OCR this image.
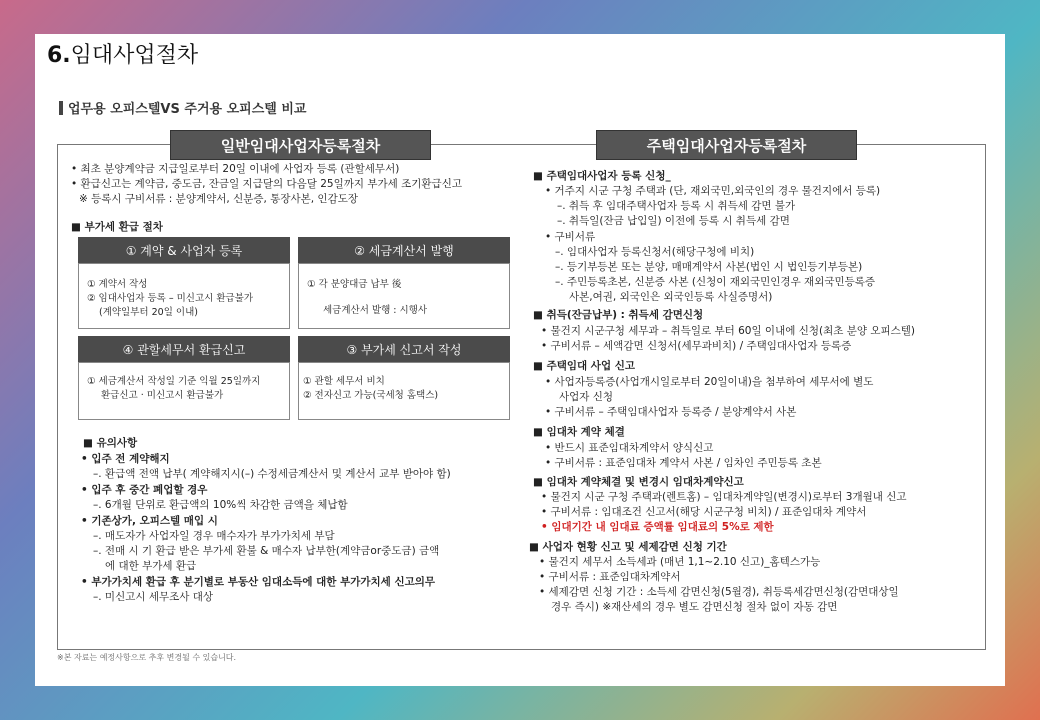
6.임대사업절차
업무용 오피스텔VS 주거용 오피스텔 비교
일반임대사업자등록절차	주택임대사업자등록절차
• 최초 분양계약금 지급일로부터 20일 이내에 사업자 등록 (관할세무서)
• 환급신고는 계약금, 중도금, 잔금일 지급달의 다음달 25일까지 부가세 조기환급신고
※ 등록시 구비서류 : 분양계약서, 신분증, 통장사본, 인감도장
■ 부가세 환급 절차
① 계약 & 사업자 등록
① 계약서 작성
② 임대사업자 등록 – 미신고시 환급불가
(계약일부터 20일 이내)
② 세금계산서 발행
① 각 분양대금 납부 後
세금계산서 발행 : 시행사
④ 관할세무서 환급신고
① 세금계산서 작성일 기준 익월 25일까지
환급신고 · 미신고시 환급불가
③ 부가세 신고서 작성
① 관할 세무서 비치
② 전자신고 가능(국세청 홈택스)
■ 유의사항
• 입주 전 계약해지
–. 환급액 전액 납부( 계약해지시(–) 수정세금계산서 및 계산서 교부 받아야 함)
• 입주 후 중간 폐업할 경우
–. 6개월 단위로 환급액의 10%씩 차감한 금액을 체납함
• 기존상가, 오피스텔 매입 시
–. 매도자가 사업자일 경우 매수자가 부가가치세 부담
–. 전매 시 기 환급 받은 부가세 환불 & 매수자 납부한(계약금or중도금) 금액
에 대한 부가세 환급
• 부가가치세 환급 후 분기별로 부동산 임대소득에 대한 부가가치세 신고의무
–. 미신고시 세무조사 대상
■ 주택임대사업자 등록 신청_
• 거주지 시군 구청 주택과 (단, 재외국민,외국인의 경우 물건지에서 등록)
–. 취득 후 임대주택사업자 등록 시 취득세 감면 불가
–. 취득일(잔금 납입일) 이전에 등록 시 취득세 감면
• 구비서류
–. 임대사업자 등록신청서(해당구청에 비치)
–. 등기부등본 또는 분양, 매매계약서 사본(법인 시 법인등기부등본)
–. 주민등록초본, 신분증 사본 (신청이 재외국민인경우 재외국민등록증
사본,여권, 외국인은 외국인등록 사실증명서)
■ 취득(잔금납부) : 취득세 감면신청
• 물건지 시군구청 세무과 – 취득일로 부터 60일 이내에 신청(최초 분양 오피스텔)
• 구비서류 – 세액감면 신청서(세무과비치) / 주택임대사업자 등록증
■ 주택임대 사업 신고
• 사업자등록증(사업개시일로부터 20일이내)을 첨부하여 세무서에 별도
사업자 신청
• 구비서류 – 주택임대사업자 등록증 / 분양계약서 사본
■ 임대차 계약 체결
• 반드시 표준임대차계약서 양식신고
• 구비서류 : 표준임대차 계약서 사본 / 임차인 주민등록 초본
■ 임대차 계약체결 및 변경시 임대차계약신고
• 물건지 시군 구청 주택과(렌트홈) – 임대차계약일(변경시)로부터 3개월내 신고
• 구비서류 : 임대조건 신고서(해당 시군구청 비치) / 표준임대차 계약서
• 임대기간 내 임대료 증액률 임대료의 5%로 제한
■ 사업자 현황 신고 및 세제감면 신청 기간
• 물건지 세무서 소득세과 (매년 1,1~2.10 신고)_홈텍스가능
• 구비서류 : 표준임대차계약서
• 세제감면 신청 기간 : 소득세 감면신청(5월경), 취등록세감면신청(감면대상일
경우 즉시) ※재산세의 경우 별도 감면신청 절차 없이 자동 감면
※본 자료는 예정사항으로 추후 변경될 수 있습니다.
